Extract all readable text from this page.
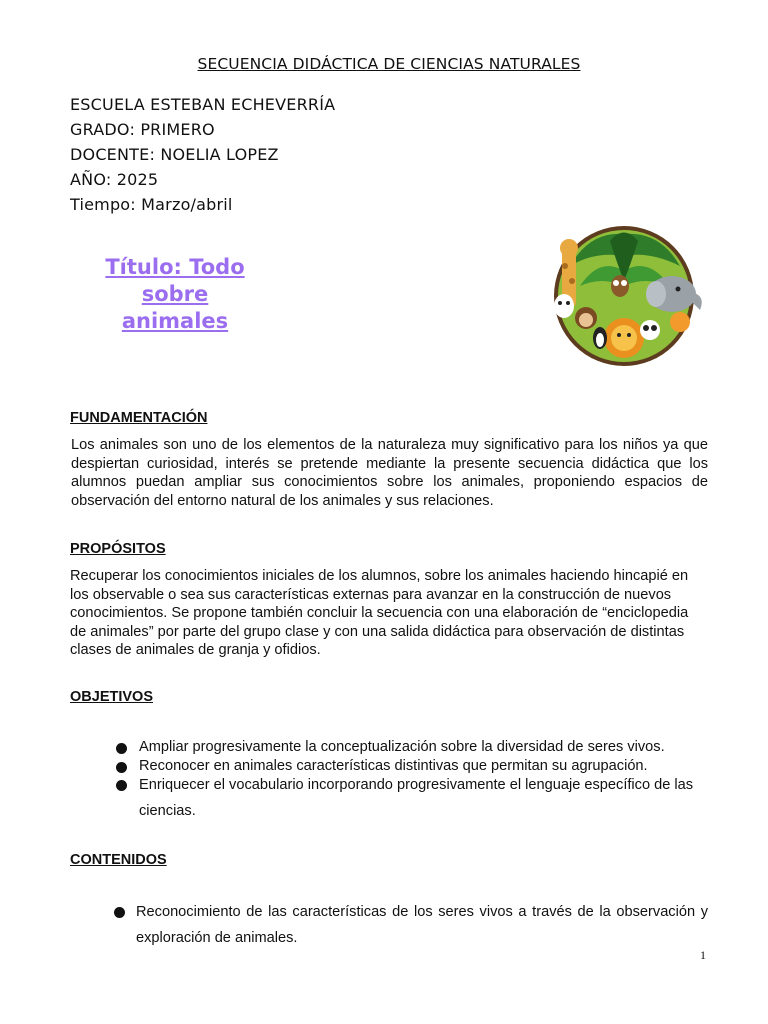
SECUENCIA DIDÁCTICA DE CIENCIAS NATURALES
ESCUELA ESTEBAN ECHEVERRÍA
GRADO: PRIMERO
DOCENTE: NOELIA LOPEZ
AÑO: 2025
Tiempo: Marzo/abril
Título: Todo
sobre
animales
FUNDAMENTACIÓN
Los animales son uno de los elementos de la naturaleza muy significativo para los niños ya que despiertan curiosidad, interés se pretende mediante la presente secuencia didáctica que los alumnos puedan ampliar sus conocimientos sobre los animales, proponiendo espacios de observación del entorno natural de los animales y sus relaciones.
PROPÓSITOS
Recuperar los conocimientos iniciales de los alumnos, sobre los animales haciendo hincapié en los observable o sea sus características externas para avanzar en la construcción de nuevos conocimientos. Se propone también concluir la secuencia con una elaboración de “enciclopedia de animales” por parte del grupo clase y con una salida didáctica para observación de distintas clases de animales de granja y ofidios.
OBJETIVOS
Ampliar progresivamente la conceptualización sobre la diversidad de seres vivos.
Reconocer en animales características distintivas que permitan su agrupación.
Enriquecer el vocabulario incorporando progresivamente el lenguaje específico de las ciencias.
CONTENIDOS
Reconocimiento de las características de los seres vivos a través de la observación y exploración de animales.
1
